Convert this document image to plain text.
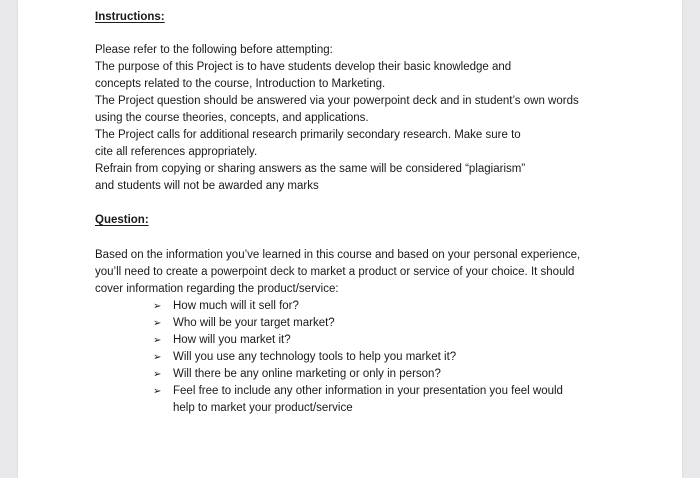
Instructions:
Please refer to the following before attempting:
The purpose of this Project is to have students develop their basic knowledge and
concepts related to the course, Introduction to Marketing.
The Project question should be answered via your powerpoint deck and in student’s own words
using the course theories, concepts, and applications.
The Project calls for additional research primarily secondary research. Make sure to
cite all references appropriately.
Refrain from copying or sharing answers as the same will be considered “plagiarism”
and students will not be awarded any marks
Question:
Based on the information you’ve learned in this course and based on your personal experience,
you’ll need to create a powerpoint deck to market a product or service of your choice. It should
cover information regarding the product/service:
➢ How much will it sell for?
➢ Who will be your target market?
➢ How will you market it?
➢ Will you use any technology tools to help you market it?
➢ Will there be any online marketing or only in person?
➢ Feel free to include any other information in your presentation you feel would
help to market your product/service
